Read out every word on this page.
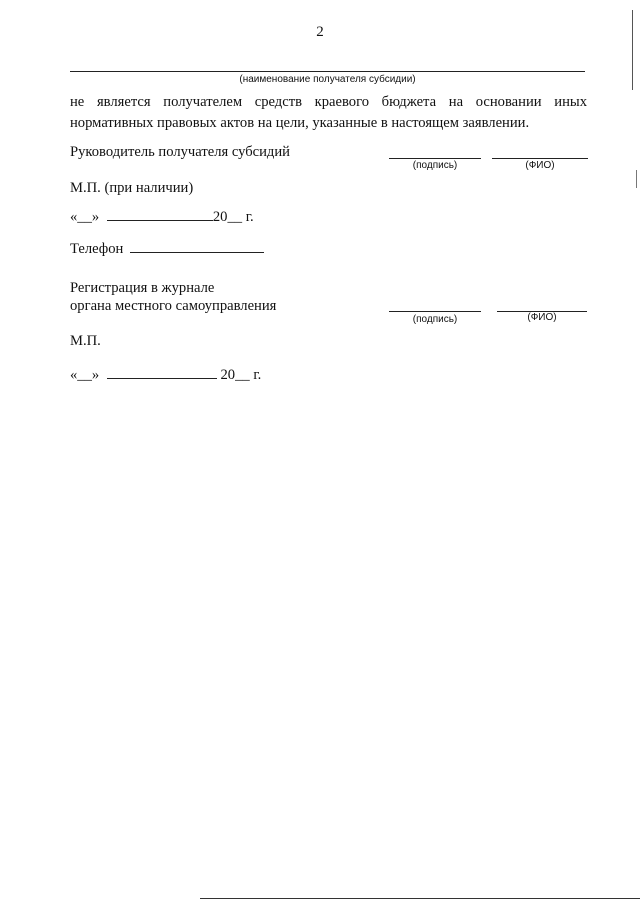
2
(наименование получателя субсидии)
не является получателем средств краевого бюджета на основании иных
нормативных правовых актов на цели, указанные в настоящем заявлении.
Руководитель получателя субсидий
(подпись)	(ФИО)
М.П. (при наличии)
«__»	20__ г.
Телефон
Регистрация в журнале
органа местного самоуправления
(подпись)	(ФИО)
М.П.
«__»	20__ г.
